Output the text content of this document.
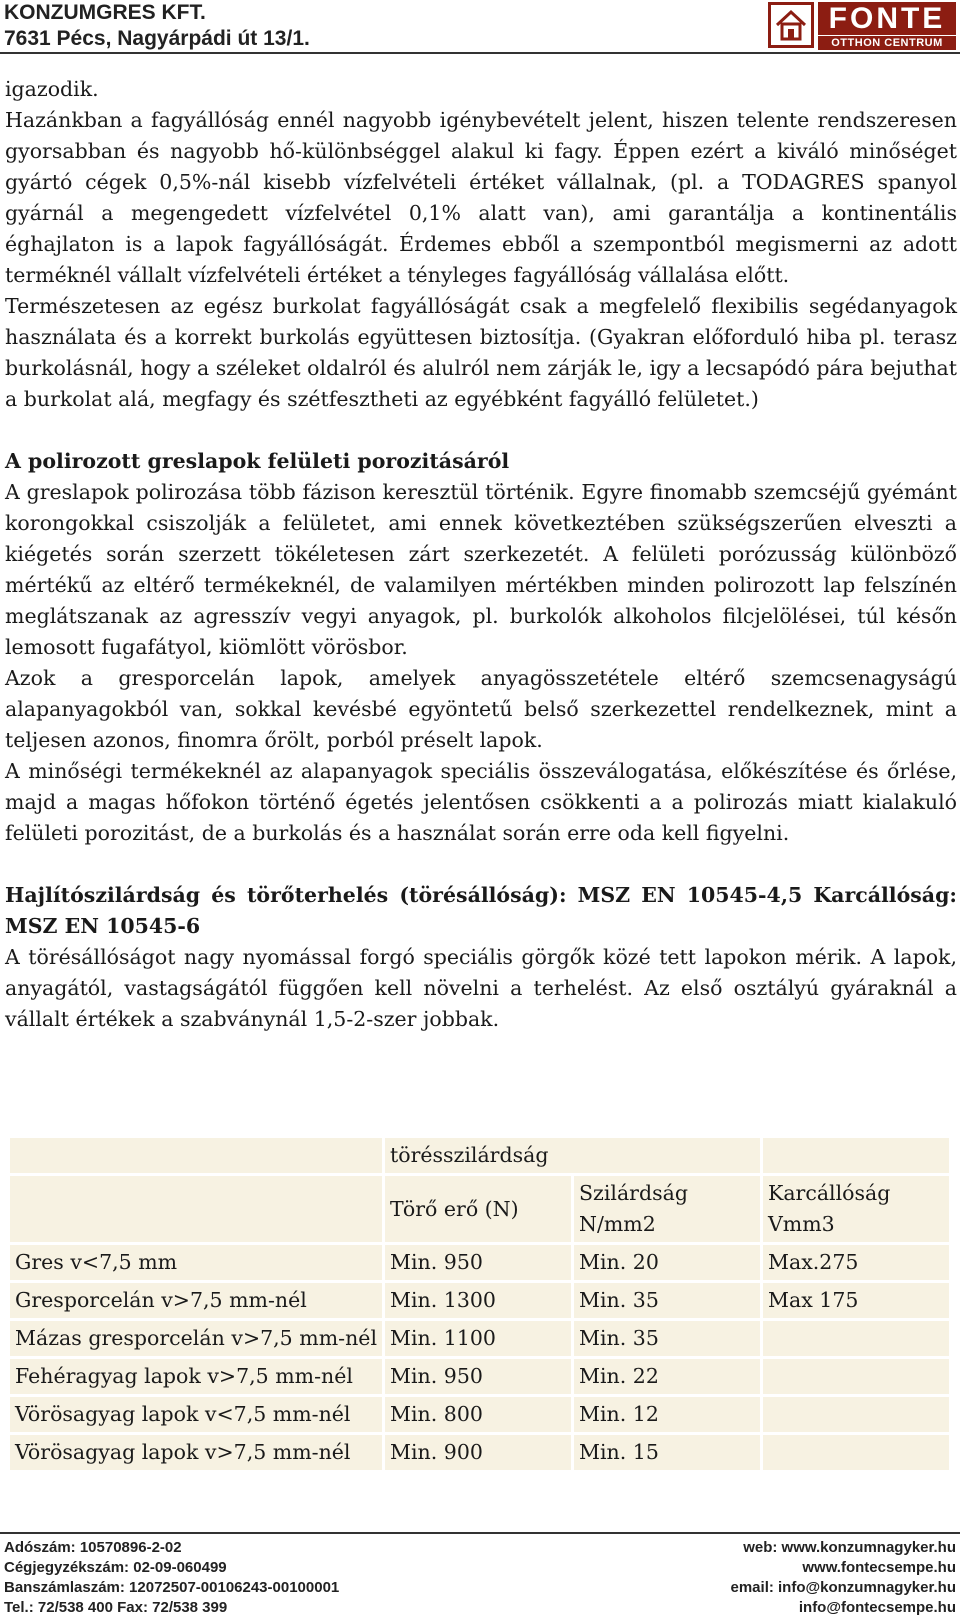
KONZUMGRES KFT.
7631 Pécs, Nagyárpádi út 13/1.
FONTE
OTTHON CENTRUM

igazodik.

Hazánkban a fagyállóság ennél nagyobb igénybevételt jelent, hiszen telente rendszeresen gyorsabban és nagyobb hő-különbséggel alakul ki fagy. Éppen ezért a kiváló minőséget gyártó cégek 0,5%-nál kisebb vízfelvételi értéket vállalnak, (pl. a TODAGRES spanyol gyárnál a megengedett vízfelvétel 0,1% alatt van), ami garantálja a kontinentális éghajlaton is a lapok fagyállóságát. Érdemes ebből a szempontból megismerni az adott terméknél vállalt vízfelvételi értéket a tényleges fagyállóság vállalása előtt.

Természetesen az egész burkolat fagyállóságát csak a megfelelő flexibilis segédanyagok használata és a korrekt burkolás együttesen biztosítja. (Gyakran előforduló hiba pl. terasz burkolásnál, hogy a széleket oldalról és alulról nem zárják le, igy a lecsapódó pára bejuthat a burkolat alá, megfagy és szétfesztheti az egyébként fagyálló felületet.)

A polirozott greslapok felületi porozitásáról

A greslapok polirozása több fázison keresztül történik. Egyre finomabb szemcséjű gyémánt korongokkal csiszolják a felületet, ami ennek következtében szükségszerűen elveszti a kiégetés során szerzett tökéletesen zárt szerkezetét. A felületi porózusság különböző mértékű az eltérő termékeknél, de valamilyen mértékben minden polirozott lap felszínén meglátszanak az agresszív vegyi anyagok, pl. burkolók alkoholos filcjelölései, túl későn lemosott fugafátyol, kiömlött vörösbor.

Azok a gresporcelán lapok, amelyek anyagösszetétele eltérő szemcsenagyságú alapanyagokból van, sokkal kevésbé egyöntetű belső szerkezettel rendelkeznek, mint a teljesen azonos, finomra őrölt, porból préselt lapok.

A minőségi termékeknél az alapanyagok speciális összeválogatása, előkészítése és őrlése, majd a magas hőfokon történő égetés jelentősen csökkenti a a polirozás miatt kialakuló felületi porozitást, de a burkolás és a használat során erre oda kell figyelni.

Hajlítószilárdság és törőterhelés (törésállóság): MSZ EN 10545-4,5 Karcállóság: MSZ EN 10545-6

A törésállóságot nagy nyomással forgó speciális görgők közé tett lapokon mérik. A lapok, anyagától, vastagságától függően kell növelni a terhelést. Az első osztályú gyáraknál a vállalt értékek a szabványnál 1,5-2-szer jobbak.

	törésszilárdság		
	Törő erő (N)	Szilárdság N/mm2	Karcállóság Vmm3
Gres v<7,5 mm	Min. 950	Min. 20	Max.275
Gresporcelán v>7,5 mm-nél	Min. 1300	Min. 35	Max 175
Mázas gresporcelán v>7,5 mm-nél	Min. 1100	Min. 35	
Fehéragyag lapok v>7,5 mm-nél	Min. 950	Min. 22	
Vörösagyag lapok v<7,5 mm-nél	Min. 800	Min. 12	
Vörösagyag lapok v>7,5 mm-nél	Min. 900	Min. 15	
Adószám: 10570896-2-02
Cégjegyzékszám: 02-09-060499
Banszámlaszám: 12072507-00106243-00100001
Tel.: 72/538 400 Fax: 72/538 399
web: www.konzumnagyker.hu
www.fontecsempe.hu
email: info@konzumnagyker.hu
info@fontecsempe.hu
